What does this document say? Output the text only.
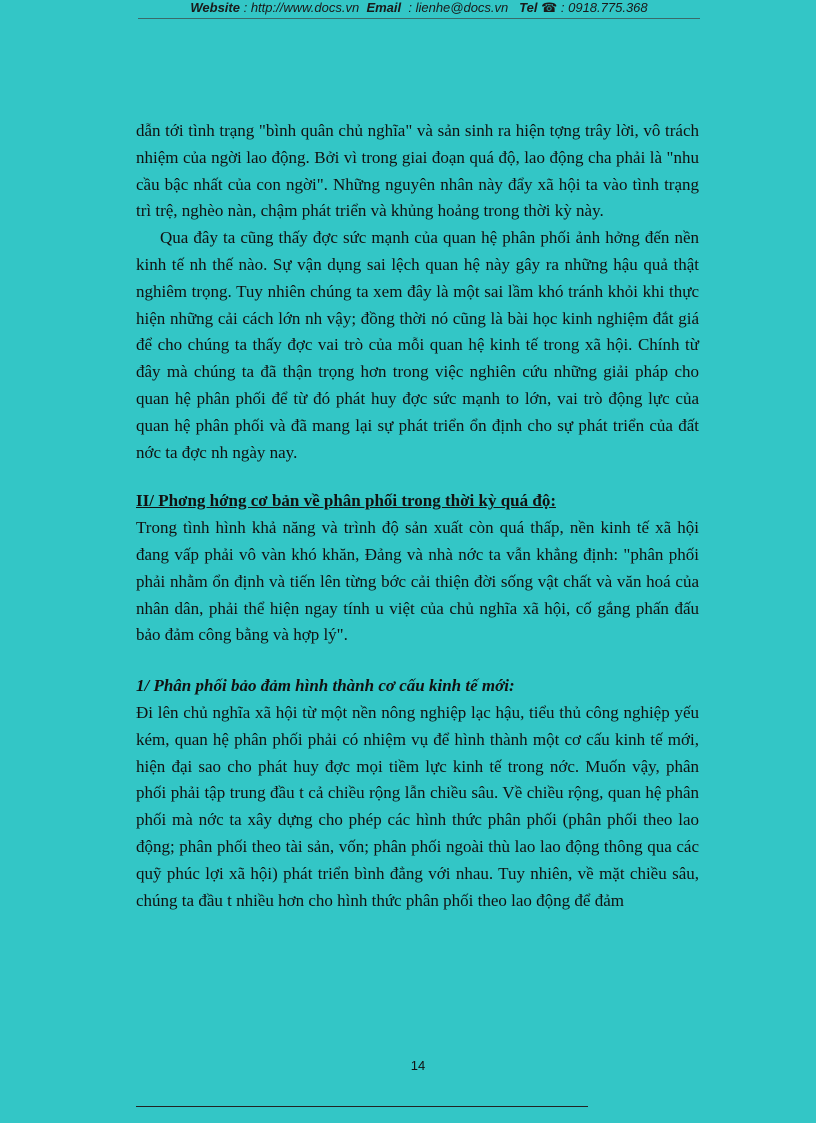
Website : http://www.docs.vn Email : lienhe@docs.vn Tel ☎ : 0918.775.368

dẫn tới tình trạng "bình quân chủ nghĩa" và sản sinh ra hiện tợng trây lời, vô trách nhiệm của ngời lao động. Bởi vì trong giai đoạn quá độ, lao động cha phải là "nhu cầu bậc nhất của con ngời". Những nguyên nhân này đẩy xã hội ta vào tình trạng trì trệ, nghèo nàn, chậm phát triển và khủng hoảng trong thời kỳ này.

Qua đây ta cũng thấy đợc sức mạnh của quan hệ phân phối ảnh hởng đến nền kinh tế nh thế nào. Sự vận dụng sai lệch quan hệ này gây ra những hậu quả thật nghiêm trọng. Tuy nhiên chúng ta xem đây là một sai lầm khó tránh khỏi khi thực hiện những cải cách lớn nh vậy; đồng thời nó cũng là bài học kinh nghiệm đắt giá để cho chúng ta thấy đợc vai trò của mỗi quan hệ kinh tế trong xã hội. Chính từ đây mà chúng ta đã thận trọng hơn trong việc nghiên cứu những giải pháp cho quan hệ phân phối để từ đó phát huy đợc sức mạnh to lớn, vai trò động lực của quan hệ phân phối và đã mang lại sự phát triển ổn định cho sự phát triển của đất nớc ta đợc nh ngày nay.

II/ Phơng hớng cơ bản về phân phối trong thời kỳ quá độ:

Trong tình hình khả năng và trình độ sản xuất còn quá thấp, nền kinh tế xã hội đang vấp phải vô vàn khó khăn, Đảng và nhà nớc ta vẫn khẳng định: "phân phối phải nhằm ổn định và tiến lên từng bớc cải thiện đời sống vật chất và văn hoá của nhân dân, phải thể hiện ngay tính u việt của chủ nghĩa xã hội, cố gắng phấn đấu bảo đảm công bằng và hợp lý".

1/ Phân phối bảo đảm hình thành cơ cấu kinh tế mới:

Đi lên chủ nghĩa xã hội từ một nền nông nghiệp lạc hậu, tiểu thủ công nghiệp yếu kém, quan hệ phân phối phải có nhiệm vụ để hình thành một cơ cấu kinh tế mới, hiện đại sao cho phát huy đợc mọi tiềm lực kinh tế trong nớc. Muốn vậy, phân phối phải tập trung đầu t cả chiều rộng lẫn chiều sâu. Về chiều rộng, quan hệ phân phối mà nớc ta xây dựng cho phép các hình thức phân phối (phân phối theo lao động; phân phối theo tài sản, vốn; phân phối ngoài thù lao lao động thông qua các quỹ phúc lợi xã hội) phát triển bình đẳng với nhau. Tuy nhiên, về mặt chiều sâu, chúng ta đầu t nhiều hơn cho hình thức phân phối theo lao động để đảm

14
